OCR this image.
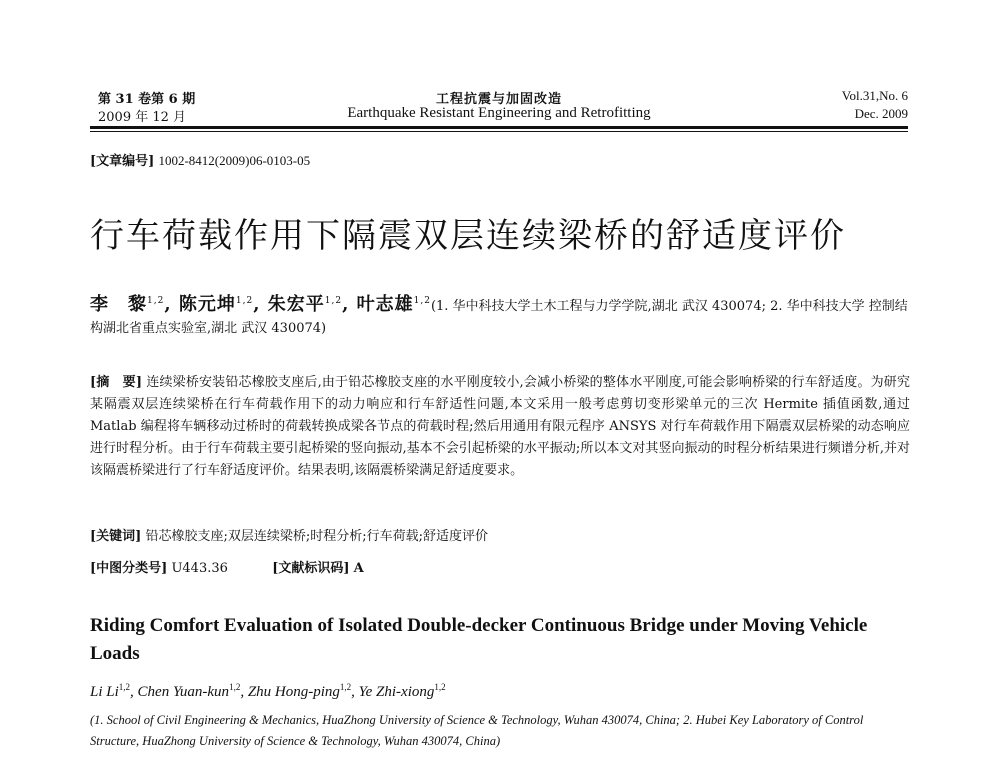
第 31 卷第 6 期
2009 年 12 月
工程抗震与加固改造
Earthquake Resistant Engineering and Retrofitting
Vol.31,No. 6
Dec. 2009
[文章编号] 1002-8412(2009)06-0103-05
行车荷载作用下隔震双层连续梁桥的舒适度评价
李　黎$^{1,2}$, 陈元坤$^{1,2}$, 朱宏平$^{1,2}$, 叶志雄$^{1,2}$(1. 华中科技大学土木工程与力学学院,湖北 武汉 430074; 2. 华中科技大学 控制结构湖北省重点实验室,湖北 武汉 430074)
[摘　要] 连续梁桥安装铅芯橡胶支座后,由于铅芯橡胶支座的水平刚度较小,会减小桥梁的整体水平刚度,可能会影响桥梁的行车舒适度。为研究某隔震双层连续梁桥在行车荷载作用下的动力响应和行车舒适性问题,本文采用一般考虑剪切变形梁单元的三次 Hermite 插值函数,通过 Matlab 编程将车辆移动过桥时的荷载转换成梁各节点的荷载时程;然后用通用有限元程序 ANSYS 对行车荷载作用下隔震双层桥梁的动态响应进行时程分析。由于行车荷载主要引起桥梁的竖向振动,基本不会引起桥梁的水平振动;所以本文对其竖向振动的时程分析结果进行频谱分析,并对该隔震桥梁进行了行车舒适度评价。结果表明,该隔震桥梁满足舒适度要求。
[关键词] 铅芯橡胶支座;双层连续梁桥;时程分析;行车荷载;舒适度评价
[中图分类号] U443.36	[文献标识码] A
Riding Comfort Evaluation of Isolated Double-decker Continuous Bridge under Moving Vehicle Loads
Li Li$^{1,2}$, Chen Yuan-kun$^{1,2}$, Zhu Hong-ping$^{1,2}$, Ye Zhi-xiong$^{1,2}$
(1. School of Civil Engineering & Mechanics, HuaZhong University of Science & Technology, Wuhan 430074, China; 2. Hubei Key Laboratory of Control Structure, HuaZhong University of Science & Technology, Wuhan 430074, China)
